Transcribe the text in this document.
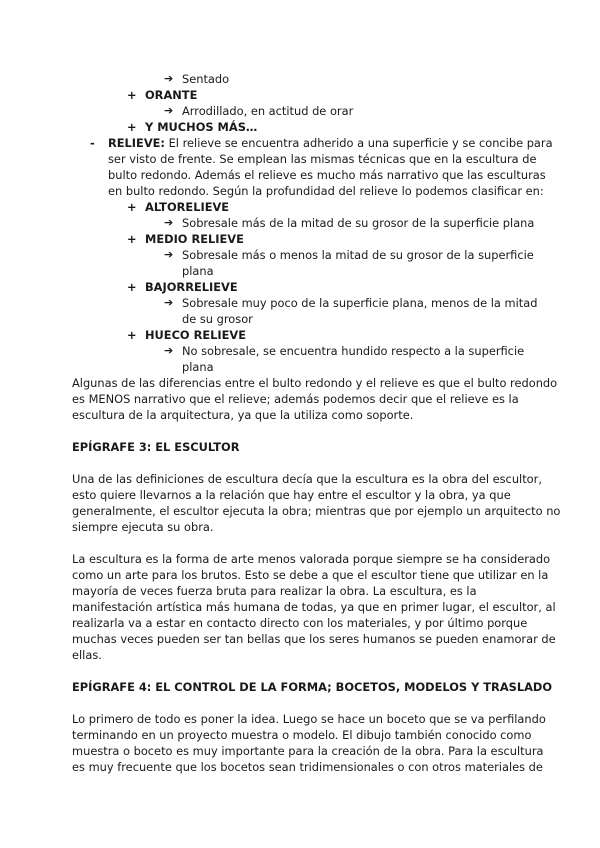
➔ Sentado
+ ORANTE
➔ Arrodillado, en actitud de orar
+ Y MUCHOS MÁS…
- RELIEVE: El relieve se encuentra adherido a una superficie y se concibe para
ser visto de frente. Se emplean las mismas técnicas que en la escultura de
bulto redondo. Además el relieve es mucho más narrativo que las esculturas
en bulto redondo. Según la profundidad del relieve lo podemos clasificar en:
+ ALTORELIEVE
➔ Sobresale más de la mitad de su grosor de la superficie plana
+ MEDIO RELIEVE
➔ Sobresale más o menos la mitad de su grosor de la superficie
plana
+ BAJORRELIEVE
➔ Sobresale muy poco de la superficie plana, menos de la mitad
de su grosor
+ HUECO RELIEVE
➔ No sobresale, se encuentra hundido respecto a la superficie
plana
Algunas de las diferencias entre el bulto redondo y el relieve es que el bulto redondo
es MENOS narrativo que el relieve; además podemos decir que el relieve es la
escultura de la arquitectura, ya que la utiliza como soporte.
EPÍGRAFE 3: EL ESCULTOR
Una de las definiciones de escultura decía que la escultura es la obra del escultor,
esto quiere llevarnos a la relación que hay entre el escultor y la obra, ya que
generalmente, el escultor ejecuta la obra; mientras que por ejemplo un arquitecto no
siempre ejecuta su obra.
La escultura es la forma de arte menos valorada porque siempre se ha considerado
como un arte para los brutos. Esto se debe a que el escultor tiene que utilizar en la
mayoría de veces fuerza bruta para realizar la obra. La escultura, es la
manifestación artística más humana de todas, ya que en primer lugar, el escultor, al
realizarla va a estar en contacto directo con los materiales, y por último porque
muchas veces pueden ser tan bellas que los seres humanos se pueden enamorar de
ellas.
EPÍGRAFE 4: EL CONTROL DE LA FORMA; BOCETOS, MODELOS Y TRASLADO
Lo primero de todo es poner la idea. Luego se hace un boceto que se va perfilando
terminando en un proyecto muestra o modelo. El dibujo también conocido como
muestra o boceto es muy importante para la creación de la obra. Para la escultura
es muy frecuente que los bocetos sean tridimensionales o con otros materiales de
